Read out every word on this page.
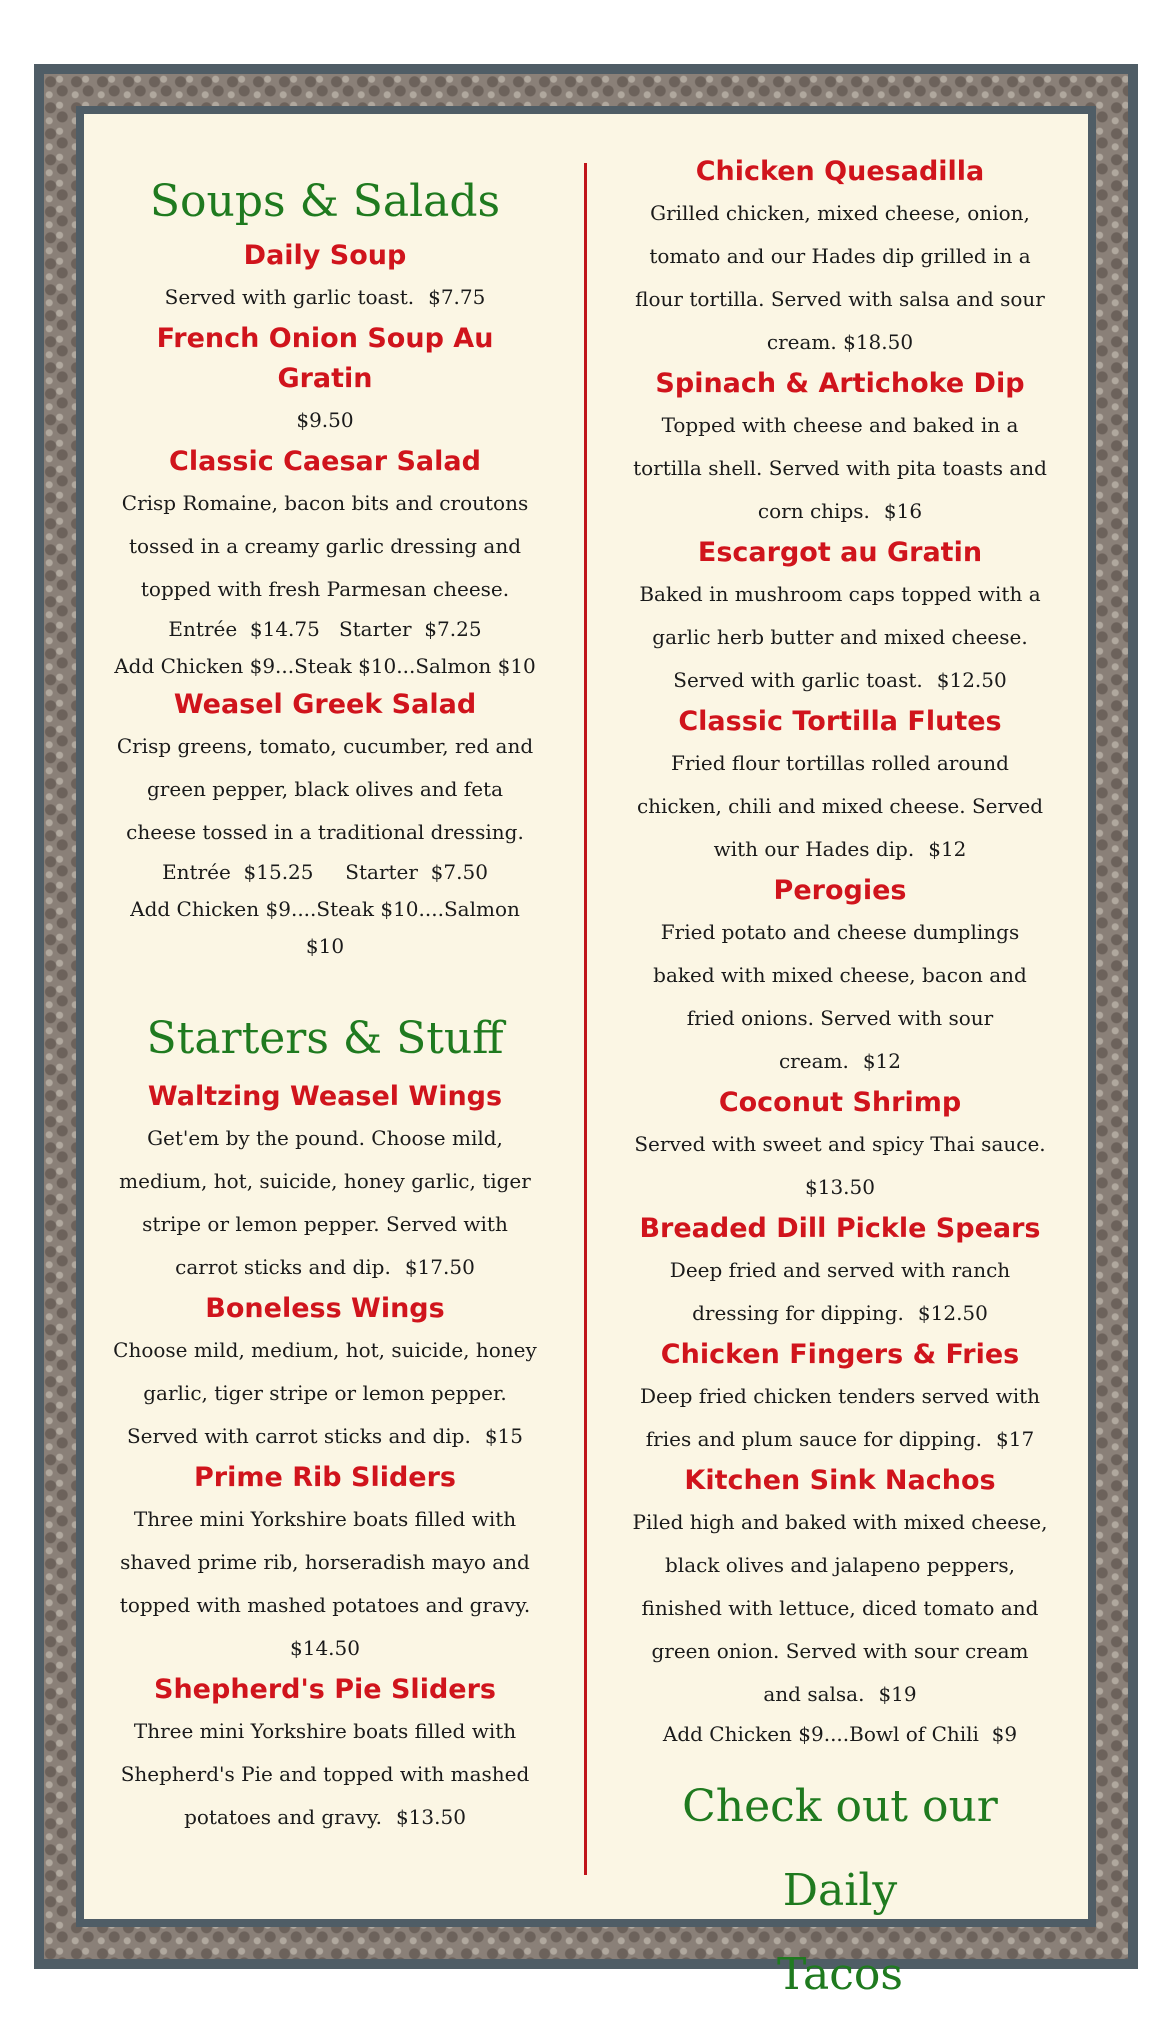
Soups & Salads

Daily Soup

Served with garlic toast. $7.75

French Onion Soup Au Gratin

$9.50

Classic Caesar Salad

Crisp Romaine, bacon bits and croutons tossed in a creamy garlic dressing and topped with fresh Parmesan cheese.

Entrée  $14.75   Starter  $7.25

Add Chicken $9...Steak $10...Salmon $10

Weasel Greek Salad

Crisp greens, tomato, cucumber, red and green pepper, black olives and feta cheese tossed in a traditional dressing.

Entrée  $15.25     Starter  $7.50

Add Chicken $9....Steak $10....Salmon $10

Starters & Stuff

Waltzing Weasel Wings

Get'em by the pound. Choose mild, medium, hot, suicide, honey garlic, tiger stripe or lemon pepper. Served with carrot sticks and dip. $17.50

Boneless Wings

Choose mild, medium, hot, suicide, honey garlic, tiger stripe or lemon pepper. Served with carrot sticks and dip. $15

Prime Rib Sliders

Three mini Yorkshire boats filled with shaved prime rib, horseradish mayo and topped with mashed potatoes and gravy. $14.50

Shepherd's Pie Sliders

Three mini Yorkshire boats filled with Shepherd's Pie and topped with mashed potatoes and gravy. $13.50

Chicken Quesadilla

Grilled chicken, mixed cheese, onion, tomato and our Hades dip grilled in a flour tortilla. Served with salsa and sour cream. $18.50

Spinach & Artichoke Dip

Topped with cheese and baked in a tortilla shell. Served with pita toasts and corn chips. $16

Escargot au Gratin

Baked in mushroom caps topped with a garlic herb butter and mixed cheese. Served with garlic toast. $12.50

Classic Tortilla Flutes

Fried flour tortillas rolled around chicken, chili and mixed cheese. Served with our Hades dip. $12

Perogies

Fried potato and cheese dumplings baked with mixed cheese, bacon and fried onions. Served with sour cream. $12

Coconut Shrimp

Served with sweet and spicy Thai sauce. $13.50

Breaded Dill Pickle Spears

Deep fried and served with ranch dressing for dipping. $12.50

Chicken Fingers & Fries

Deep fried chicken tenders served with fries and plum sauce for dipping. $17

Kitchen Sink Nachos

Piled high and baked with mixed cheese, black olives and jalapeno peppers, finished with lettuce, diced tomato and green onion. Served with sour cream and salsa. $19

Add Chicken $9....Bowl of Chili  $9

Check out our Daily

Tacos
